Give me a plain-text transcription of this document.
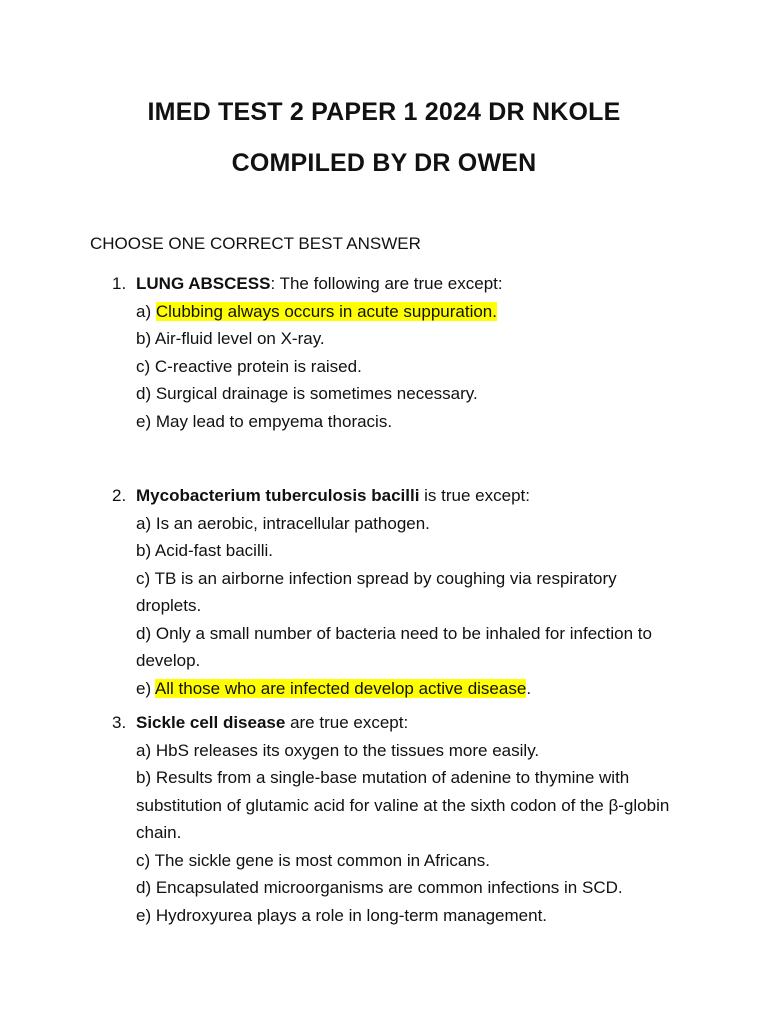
IMED TEST 2 PAPER 1 2024 DR NKOLE
COMPILED BY DR OWEN
CHOOSE ONE CORRECT BEST ANSWER
1. LUNG ABSCESS: The following are true except:
a) Clubbing always occurs in acute suppuration.
b) Air-fluid level on X-ray.
c) C-reactive protein is raised.
d) Surgical drainage is sometimes necessary.
e) May lead to empyema thoracis.
2. Mycobacterium tuberculosis bacilli is true except:
a) Is an aerobic, intracellular pathogen.
b) Acid-fast bacilli.
c) TB is an airborne infection spread by coughing via respiratory droplets.
d) Only a small number of bacteria need to be inhaled for infection to develop.
e) All those who are infected develop active disease.
3. Sickle cell disease are true except:
a) HbS releases its oxygen to the tissues more easily.
b) Results from a single-base mutation of adenine to thymine with substitution of glutamic acid for valine at the sixth codon of the β-globin chain.
c) The sickle gene is most common in Africans.
d) Encapsulated microorganisms are common infections in SCD.
e) Hydroxyurea plays a role in long-term management.
